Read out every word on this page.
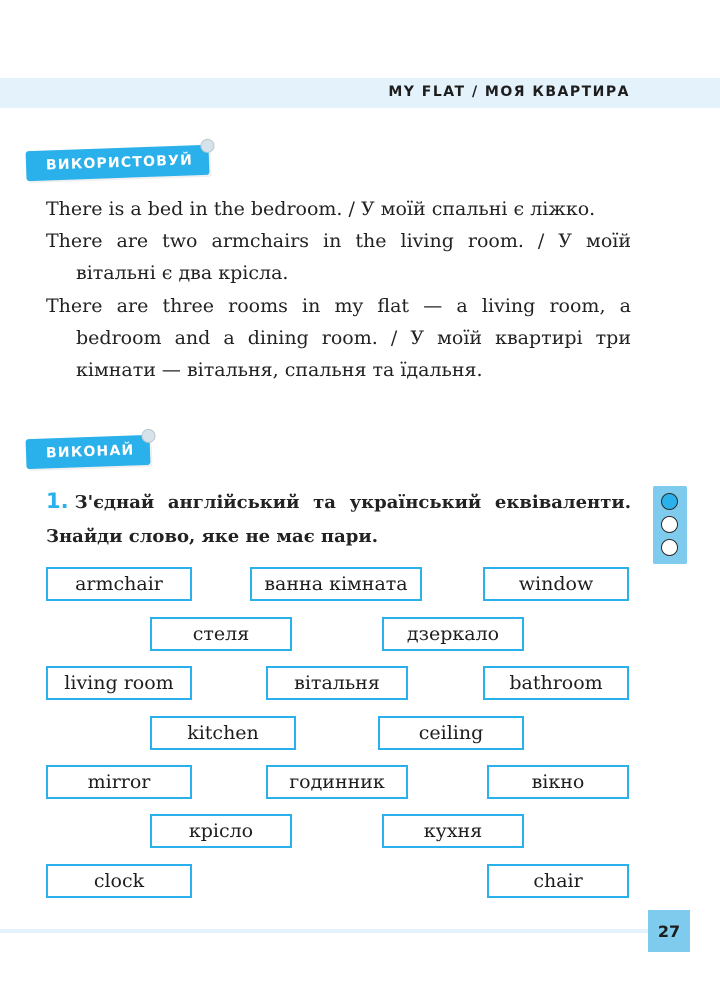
MY FLAT / МОЯ КВАРТИРА
ВИКОРИСТОВУЙ

There is a bed in the bedroom. / У моїй спальні є ліжко.

There are two armchairs in the living room. / У моїй вітальні є два крісла.

There are three rooms in my flat — a living room, a bedroom and a dining room. / У моїй квартирі три кімнати — вітальня, спальня та їдальня.

ВИКОНАЙ

1. З'єднай англійський та український еквіваленти. Знайди слово, яке не має пари.

armchair	ванна кімната	window
стеля	дзеркало
living room	вітальня	bathroom
kitchen	ceiling
mirror	годинник	вікно
крісло	кухня
clock	chair
27
